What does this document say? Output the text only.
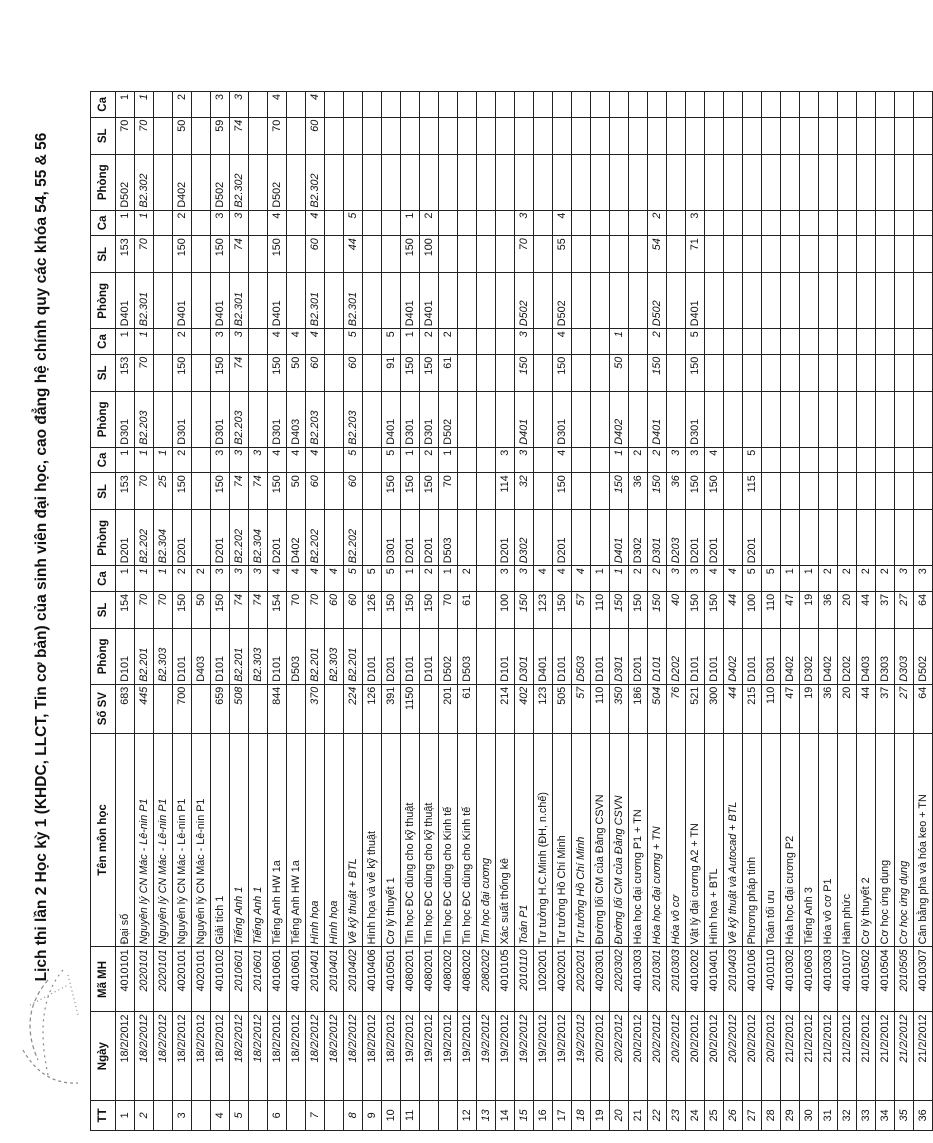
Lịch thi lần 2 Học kỳ 1 (KHDC, LLCT, Tin cơ bản) của sinh viên đại học, cao đẳng hệ chính quy các khóa 54, 55 & 56
TT	Ngày	Mã MH	Tên môn học	Số SV	Phòng	SL	Ca	Phòng	SL	Ca	Phòng	SL	Ca		Phòng	SL	Ca	Phòng	SL	Ca
1	18/2/2012	4010101	Đại số	683	D101	154	1	D201	153	1	D301	153	1		D401	153	1	D502	70	1
2	18/2/2012	2020101	Nguyên lý CN Mác - Lê-nin P1	445	B2.201	70	1	B2.202	70	1	B2.203	70	1		B2.301	70	1	B2.302	70	1
	18/2/2012	2020101	Nguyên lý CN Mác - Lê-nin P1		B2.303	70	1	B2.304	25	1										
3	18/2/2012	4020101	Nguyên lý CN Mác - Lê-nin P1	700	D101	150	2	D201	150	2	D301	150	2		D401	150	2	D402	50	2
	18/2/2012	4020101	Nguyên lý CN Mác - Lê-nin P1		D403	50	2													
4	18/2/2012	4010102	Giải tích 1	659	D101	150	3	D201	150	3	D301	150	3		D401	150	3	D502	59	3
5	18/2/2012	2010601	Tiếng Anh 1	508	B2.201	74	3	B2.202	74	3	B2.203	74	3		B2.301	74	3	B2.302	74	3
	18/2/2012	2010601	Tiếng Anh 1		B2.303	74	3	B2.304	74	3										
6	18/2/2012	4010601	Tiếng Anh HW 1a	844	D101	154	4	D201	150	4	D301	150	4		D401	150	4	D502	70	4
	18/2/2012	4010601	Tiếng Anh HW 1a		D503	70	4	D402	50	4	D403	50	4							
7	18/2/2012	2010401	Hình họa	370	B2.201	70	4	B2.202	60	4	B2.203	60	4		B2.301	60	4	B2.302	60	4
	18/2/2012	2010401	Hình họa		B2.303	60	4													
8	18/2/2012	2010402	Vẽ kỹ thuật + BTL	224	B2.201	60	5	B2.202	60	5	B2.203	60	5		B2.301	44	5			
9	18/2/2012	4010406	Hình họa và vẽ kỹ thuật	126	D101	126	5													
10	18/2/2012	4010501	Cơ lý thuyết 1	391	D201	150	5	D301	150	5	D401	91	5							
11	19/2/2012	4080201	Tin học ĐC dùng cho kỹ thuật	1150	D101	150	1	D201	150	1	D301	150	1		D401	150	1			
	19/2/2012	4080201	Tin học ĐC dùng cho kỹ thuật		D101	150	2	D201	150	2	D301	150	2		D401	100	2			
	19/2/2012	4080202	Tin học ĐC dùng cho Kinh tế	201	D502	70	1	D503	70	1	D502	61	2							
12	19/2/2012	4080202	Tin học ĐC dùng cho Kinh tế	61	D503	61	2													
13	19/2/2012	2080202	Tin học đại cương																	
14	19/2/2012	4010105	Xác suất thống kê	214	D101	100	3	D201	114	3										
15	19/2/2012	2010110	Toán P1	402	D301	150	3	D302	32	3	D401	150	3		D502	70	3			
16	19/2/2012	1020201	Tư tưởng H.C.Minh (ĐH, n.chế)	123	D401	123	4													
17	19/2/2012	4020201	Tư tưởng Hồ Chí Minh	505	D101	150	4	D201	150	4	D301	150	4		D502	55	4			
18	19/2/2012	2020201	Tư tưởng Hồ Chí Minh	57	D503	57	4													
19	20/2/2012	4020301	Đường lối CM của Đảng CSVN	110	D101	110	1													
20	20/2/2012	2020302	Đường lối CM của Đảng CSVN	350	D301	150	1	D401	150	1	D402	50	1							
21	20/2/2012	4010303	Hóa học đại cương P1 + TN	186	D201	150	2	D302	36	2										
22	20/2/2012	2010301	Hóa học đại cương + TN	504	D101	150	2	D301	150	2	D401	150	2		D502	54	2			
23	20/2/2012	2010303	Hóa vô cơ	76	D202	40	3	D203	36	3										
24	20/2/2012	4010202	Vật lý đại cương A2 + TN	521	D101	150	3	D201	150	3	D301	150	5		D401	71	3			
25	20/2/2012	4010401	Hình họa + BTL	300	D101	150	4	D201	150	4										
26	20/2/2012	2010403	Vẽ kỹ thuật và Autocad + BTL	44	D402	44	4													
27	20/2/2012	4010106	Phương pháp tính	215	D101	100	5	D201	115	5										
28	20/2/2012	4010110	Toán tối ưu	110	D301	110	5													
29	21/2/2012	4010302	Hóa học đại cương P2	47	D402	47	1													
30	21/2/2012	4010603	Tiếng Anh 3	19	D302	19	1													
31	21/2/2012	4010303	Hóa vô cơ P1	36	D402	36	2													
32	21/2/2012	4010107	Hàm phức	20	D202	20	2													
33	21/2/2012	4010502	Cơ lý thuyết 2	44	D403	44	2													
34	21/2/2012	4010504	Cơ học ứng dụng	37	D303	37	2													
35	21/2/2012	2010505	Cơ học ứng dụng	27	D303	27	3													
36	21/2/2012	4010307	Cân bằng pha và hóa keo + TN	64	D502	64	3													
